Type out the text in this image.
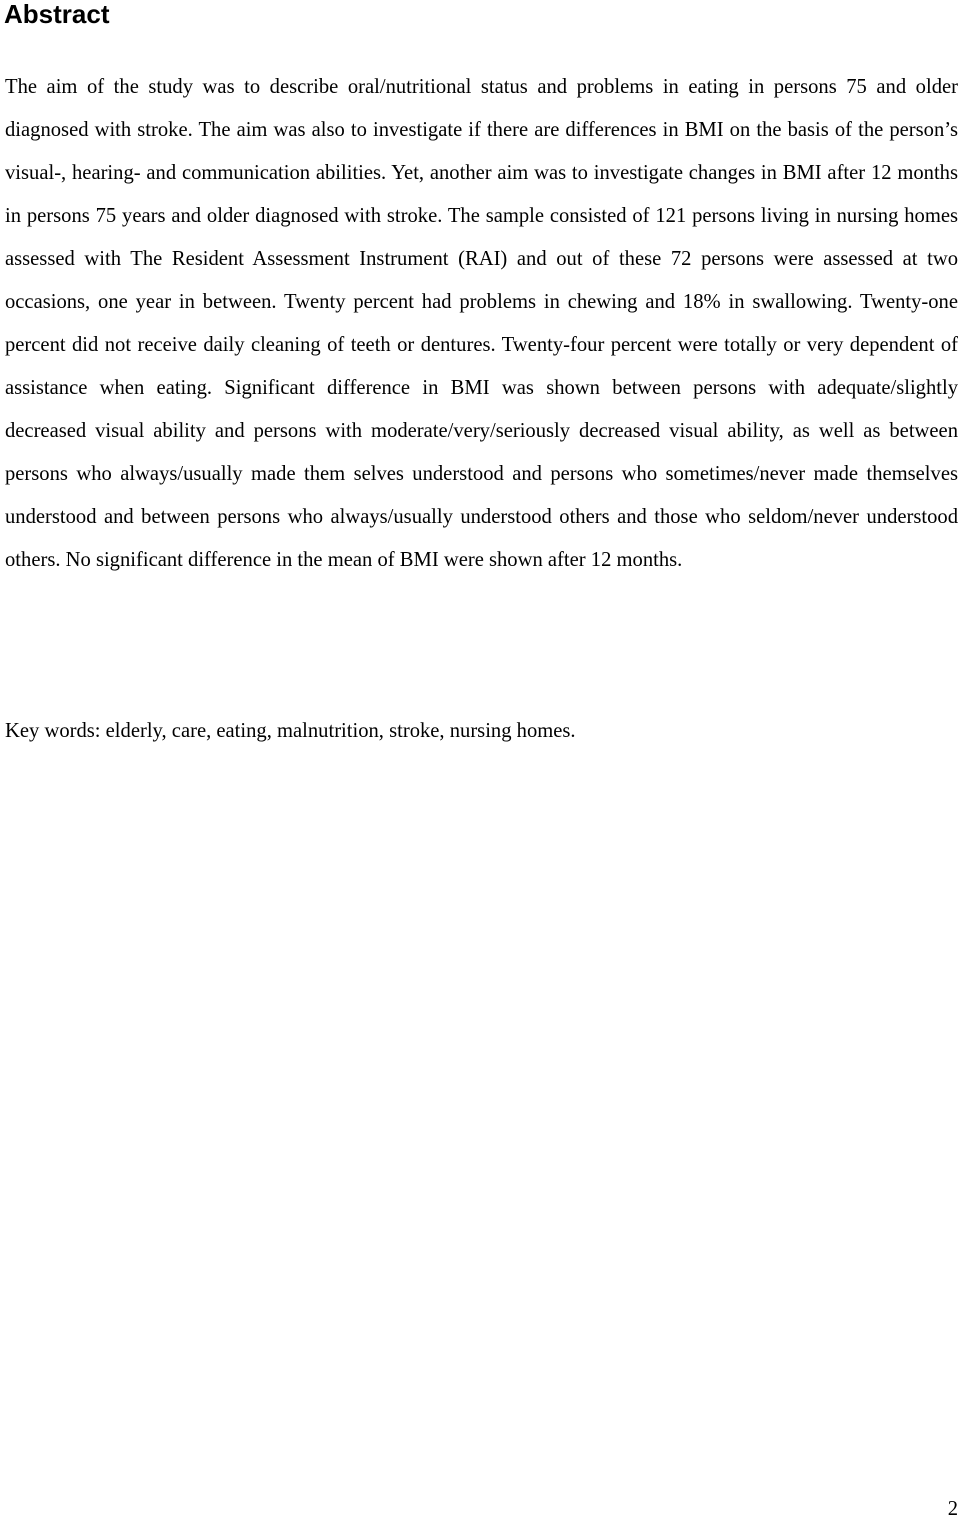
Abstract

The aim of the study was to describe oral/nutritional status and problems in eating in persons 75 and older diagnosed with stroke. The aim was also to investigate if there are differences in BMI on the basis of the person’s visual-, hearing- and communication abilities. Yet, another aim was to investigate changes in BMI after 12 months in persons 75 years and older diagnosed with stroke. The sample consisted of 121 persons living in nursing homes assessed with The Resident Assessment Instrument (RAI) and out of these 72 persons were assessed at two occasions, one year in between. Twenty percent had problems in chewing and 18% in swallowing. Twenty-one percent did not receive daily cleaning of teeth or dentures. Twenty-four percent were totally or very dependent of assistance when eating. Significant difference in BMI was shown between persons with adequate/slightly decreased visual ability and persons with moderate/very/seriously decreased visual ability, as well as between persons who always/usually made them selves understood and persons who sometimes/never made themselves understood and between persons who always/usually understood others and those who seldom/never understood others. No significant difference in the mean of BMI were shown after 12 months.

Key words: elderly, care, eating, malnutrition, stroke, nursing homes.

2
